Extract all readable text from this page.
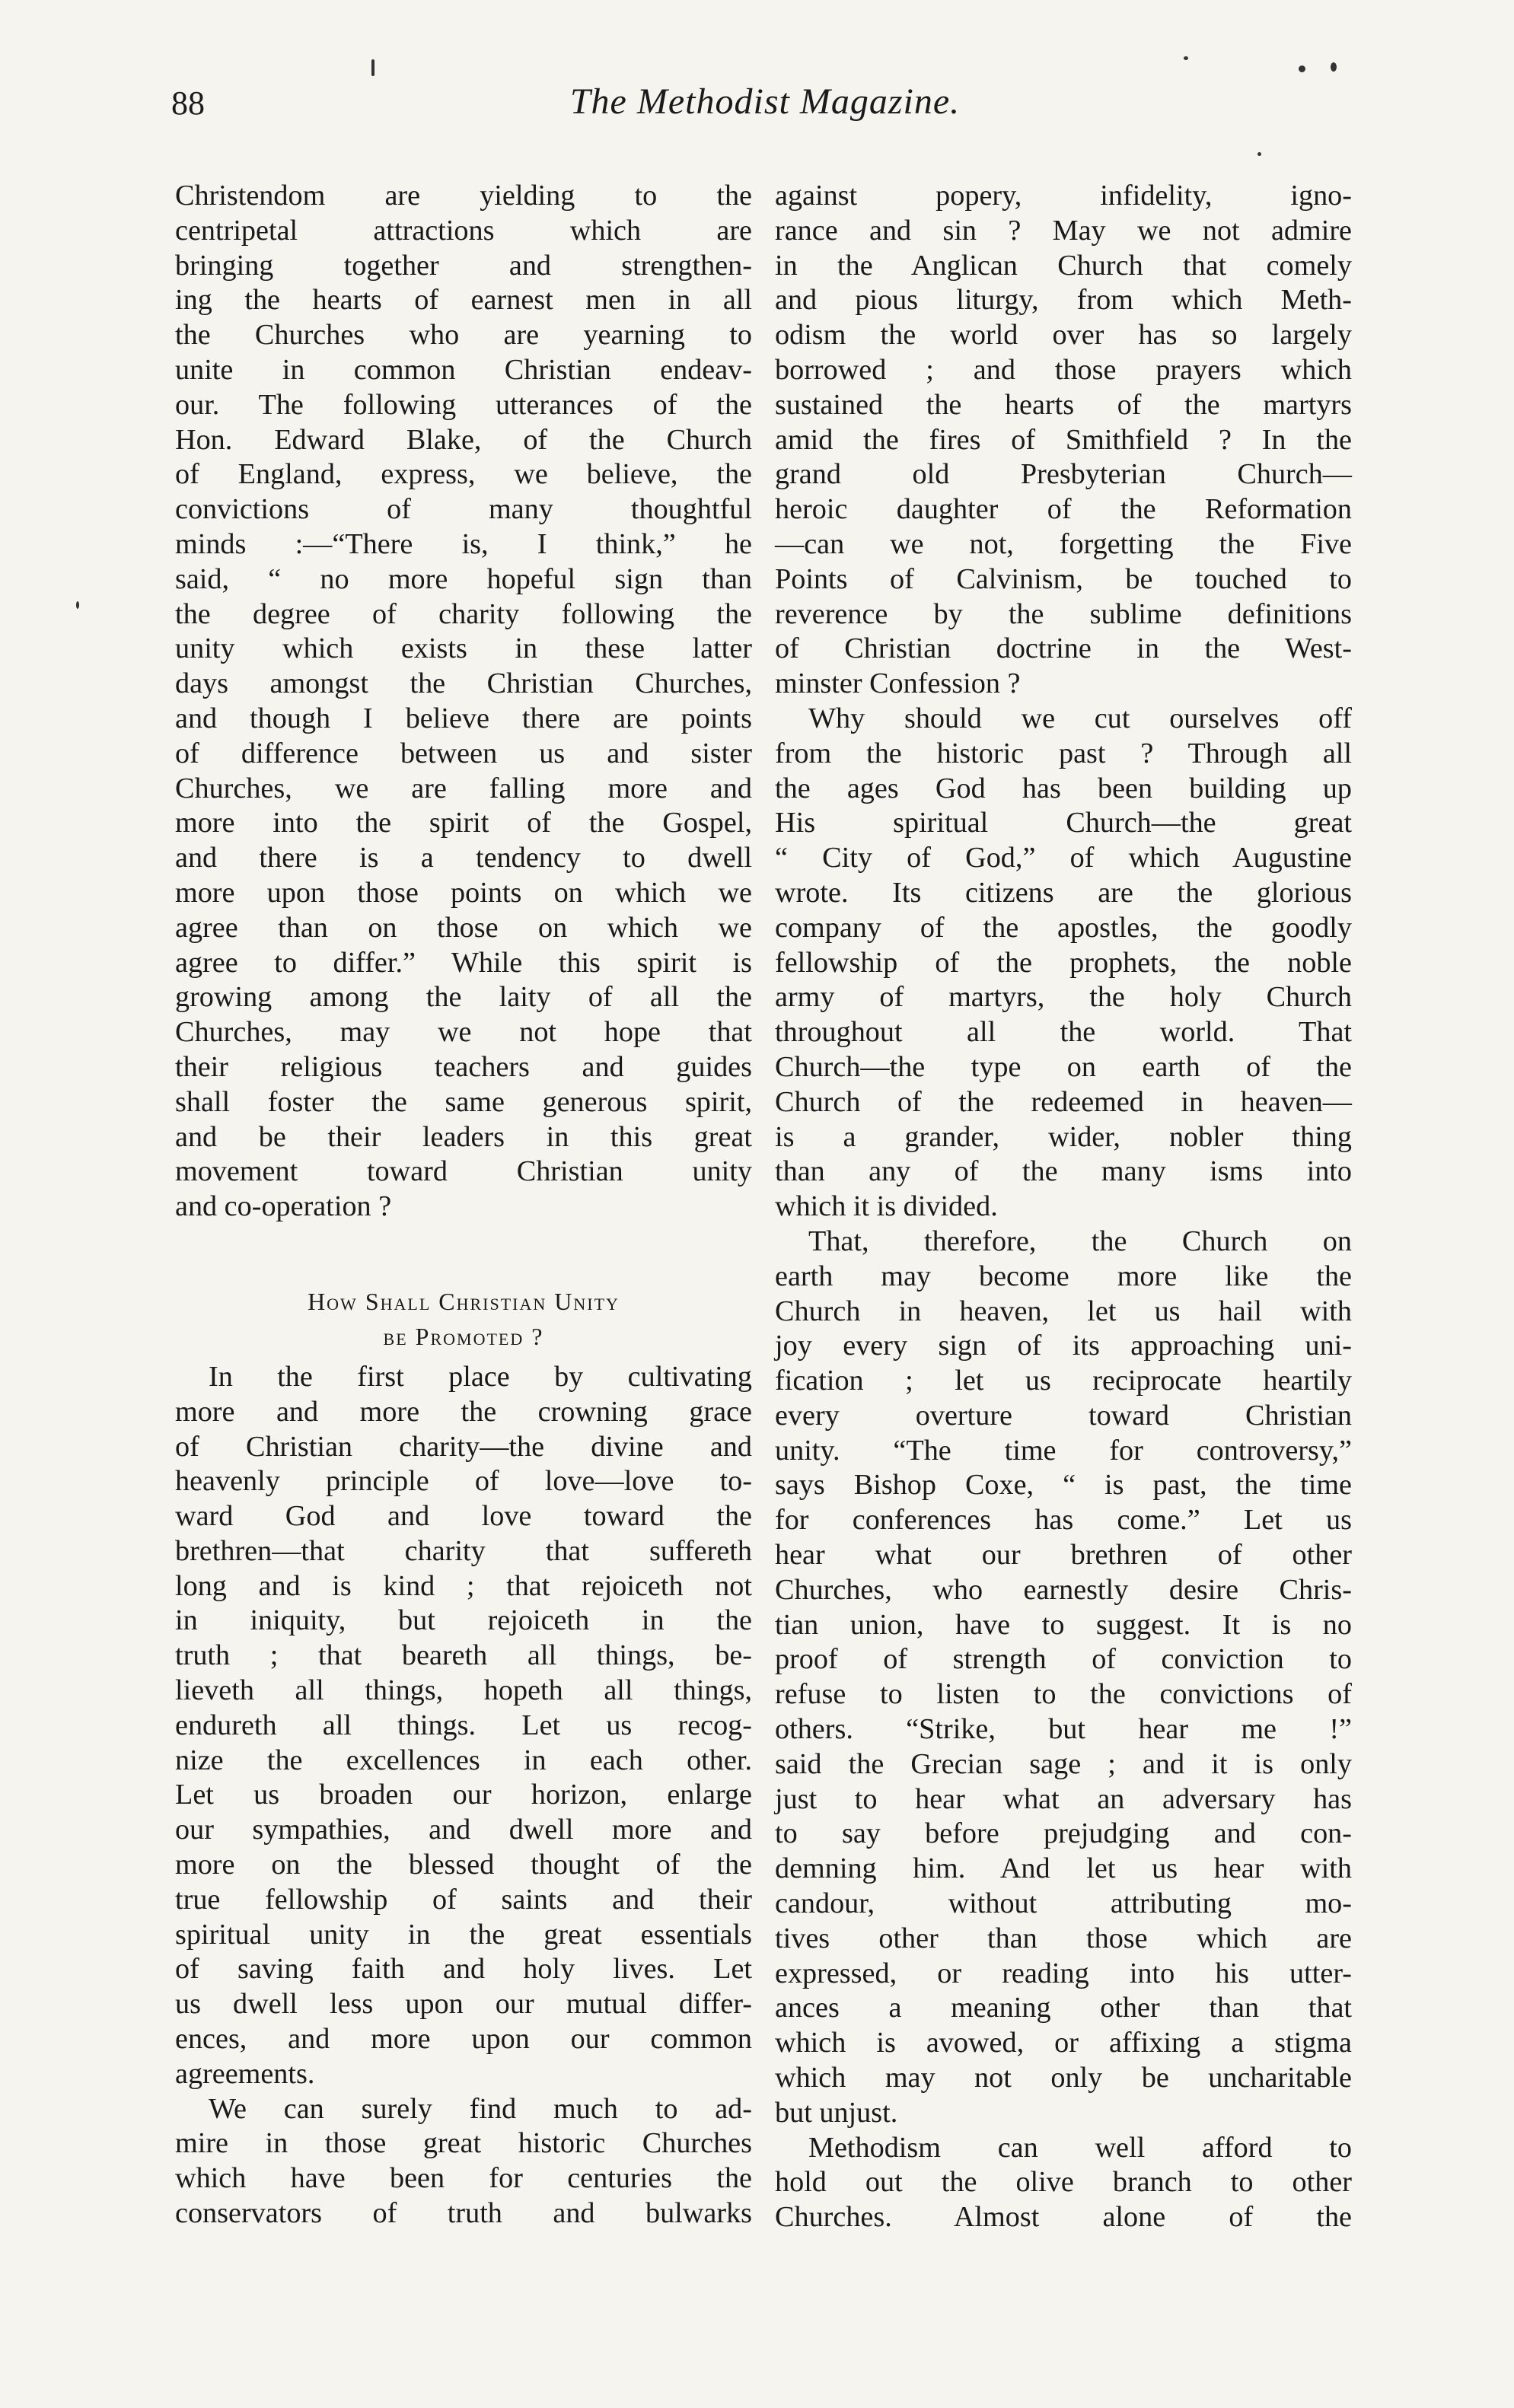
88	The Methodist Magazine.
Christendom are yielding to the
centripetal attractions which are
bringing together and strengthen-
ing the hearts of earnest men in all
the Churches who are yearning to
unite in common Christian endeav-
our. The following utterances of the
Hon. Edward Blake, of the Church
of England, express, we believe, the
convictions of many thoughtful
minds :—“There is, I think,” he
said, “ no more hopeful sign than
the degree of charity following the
unity which exists in these latter
days amongst the Christian Churches,
and though I believe there are points
of difference between us and sister
Churches, we are falling more and
more into the spirit of the Gospel,
and there is a tendency to dwell
more upon those points on which we
agree than on those on which we
agree to differ.” While this spirit is
growing among the laity of all the
Churches, may we not hope that
their religious teachers and guides
shall foster the same generous spirit,
and be their leaders in this great
movement toward Christian unity
and co-operation ?
How Shall Christian Unity
be Promoted ?
In the first place by cultivating
more and more the crowning grace
of Christian charity—the divine and
heavenly principle of love—love to-
ward God and love toward the
brethren—that charity that suffereth
long and is kind ; that rejoiceth not
in iniquity, but rejoiceth in the
truth ; that beareth all things, be-
lieveth all things, hopeth all things,
endureth all things. Let us recog-
nize the excellences in each other.
Let us broaden our horizon, enlarge
our sympathies, and dwell more and
more on the blessed thought of the
true fellowship of saints and their
spiritual unity in the great essentials
of saving faith and holy lives. Let
us dwell less upon our mutual differ-
ences, and more upon our common
agreements.
We can surely find much to ad-
mire in those great historic Churches
which have been for centuries the
conservators of truth and bulwarks
against popery, infidelity, igno-
rance and sin ? May we not admire
in the Anglican Church that comely
and pious liturgy, from which Meth-
odism the world over has so largely
borrowed ; and those prayers which
sustained the hearts of the martyrs
amid the fires of Smithfield ? In the
grand old Presbyterian Church—
heroic daughter of the Reformation
—can we not, forgetting the Five
Points of Calvinism, be touched to
reverence by the sublime definitions
of Christian doctrine in the West-
minster Confession ?
Why should we cut ourselves off
from the historic past ? Through all
the ages God has been building up
His spiritual Church—the great
“ City of God,” of which Augustine
wrote. Its citizens are the glorious
company of the apostles, the goodly
fellowship of the prophets, the noble
army of martyrs, the holy Church
throughout all the world. That
Church—the type on earth of the
Church of the redeemed in heaven—
is a grander, wider, nobler thing
than any of the many isms into
which it is divided.
That, therefore, the Church on
earth may become more like the
Church in heaven, let us hail with
joy every sign of its approaching uni-
fication ; let us reciprocate heartily
every overture toward Christian
unity. “The time for controversy,”
says Bishop Coxe, “ is past, the time
for conferences has come.” Let us
hear what our brethren of other
Churches, who earnestly desire Chris-
tian union, have to suggest. It is no
proof of strength of conviction to
refuse to listen to the convictions of
others. “Strike, but hear me !”
said the Grecian sage ; and it is only
just to hear what an adversary has
to say before prejudging and con-
demning him. And let us hear with
candour, without attributing mo-
tives other than those which are
expressed, or reading into his utter-
ances a meaning other than that
which is avowed, or affixing a stigma
which may not only be uncharitable
but unjust.
Methodism can well afford to
hold out the olive branch to other
Churches. Almost alone of the
